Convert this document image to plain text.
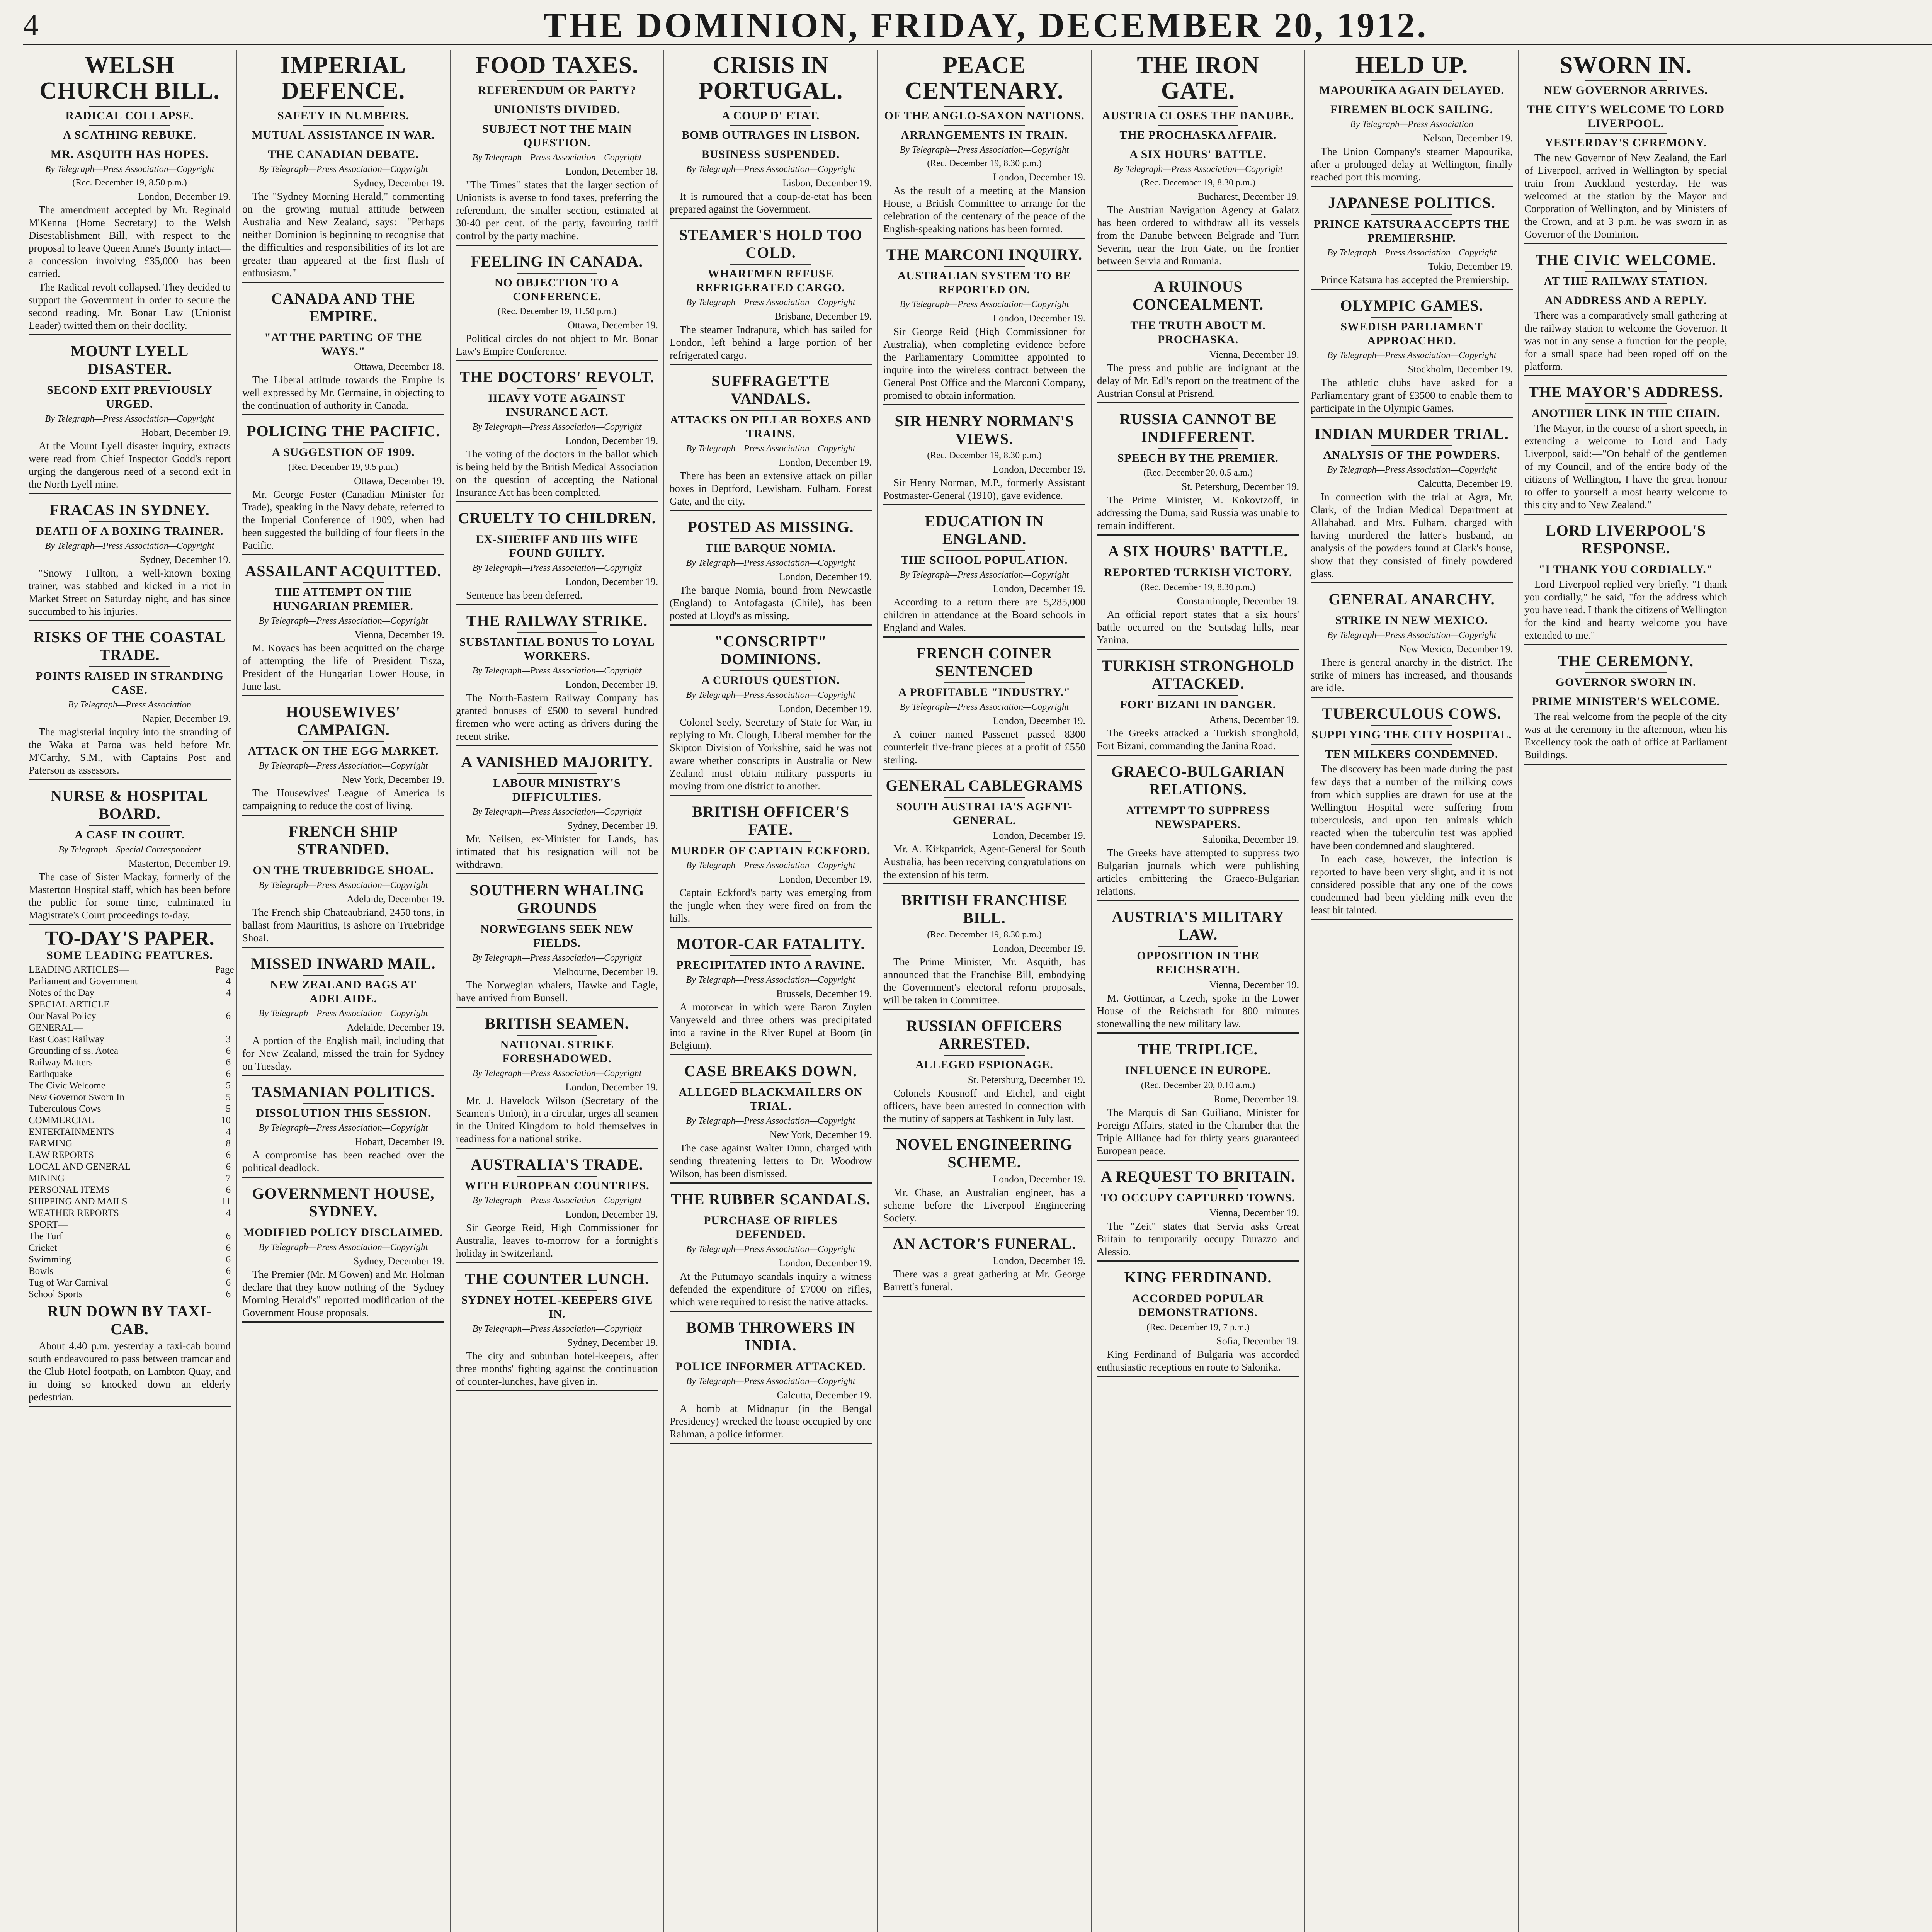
4	THE DOMINION, FRIDAY, DECEMBER 20, 1912.
WELSH CHURCH BILL.
RADICAL COLLAPSE.
A SCATHING REBUKE.
MR. ASQUITH HAS HOPES.
By Telegraph—Press Association—Copyright
(Rec. December 19, 8.50 p.m.)
London, December 19.

The amendment accepted by Mr. Reginald M'Kenna (Home Secretary) to the Welsh Disestablishment Bill, with respect to the proposal to leave Queen Anne's Bounty intact—a concession involving £35,000—has been carried.

The Radical revolt collapsed. They decided to support the Government in order to secure the second reading. Mr. Bonar Law (Unionist Leader) twitted them on their docility.

MOUNT LYELL DISASTER.
SECOND EXIT PREVIOUSLY URGED.
By Telegraph—Press Association—Copyright
Hobart, December 19.

At the Mount Lyell disaster inquiry, extracts were read from Chief Inspector Godd's report urging the dangerous need of a second exit in the North Lyell mine.

FRACAS IN SYDNEY.
DEATH OF A BOXING TRAINER.
By Telegraph—Press Association—Copyright
Sydney, December 19.

"Snowy" Fullton, a well-known boxing trainer, was stabbed and kicked in a riot in Market Street on Saturday night, and has since succumbed to his injuries.

RISKS OF THE COASTAL TRADE.
POINTS RAISED IN STRANDING CASE.
By Telegraph—Press Association
Napier, December 19.

The magisterial inquiry into the stranding of the Waka at Paroa was held before Mr. M'Carthy, S.M., with Captains Post and Paterson as assessors.

NURSE & HOSPITAL BOARD.
A CASE IN COURT.
By Telegraph—Special Correspondent
Masterton, December 19.

The case of Sister Mackay, formerly of the Masterton Hospital staff, which has been before the public for some time, culminated in Magistrate's Court proceedings to-day.

TO-DAY'S PAPER.
SOME LEADING FEATURES.
LEADING ARTICLES—	Page
Parliament and Government	4
Notes of the Day	4
SPECIAL ARTICLE—
Our Naval Policy	6
GENERAL—
East Coast Railway	3
Grounding of ss. Aotea	6
Railway Matters	6
Earthquake	6
The Civic Welcome	5
New Governor Sworn In	5
Tuberculous Cows	5
COMMERCIAL	10
ENTERTAINMENTS	4
FARMING	8
LAW REPORTS	6
LOCAL AND GENERAL	6
MINING	7
PERSONAL ITEMS	6
SHIPPING AND MAILS	11
WEATHER REPORTS	4
SPORT—
The Turf	6
Cricket	6
Swimming	6
Bowls	6
Tug of War Carnival	6
School Sports	6
RUN DOWN BY TAXI-CAB.

About 4.40 p.m. yesterday a taxi-cab bound south endeavoured to pass between tramcar and the Club Hotel footpath, on Lambton Quay, and in doing so knocked down an elderly pedestrian.

IMPERIAL DEFENCE.
SAFETY IN NUMBERS.
MUTUAL ASSISTANCE IN WAR.
THE CANADIAN DEBATE.
By Telegraph—Press Association—Copyright
Sydney, December 19.

The "Sydney Morning Herald," commenting on the growing mutual attitude between Australia and New Zealand, says:—"Perhaps neither Dominion is beginning to recognise that the difficulties and responsibilities of its lot are greater than appeared at the first flush of enthusiasm."

CANADA AND THE EMPIRE.
"AT THE PARTING OF THE WAYS."
Ottawa, December 18.

The Liberal attitude towards the Empire is well expressed by Mr. Germaine, in objecting to the continuation of authority in Canada.

POLICING THE PACIFIC.
A SUGGESTION OF 1909.
(Rec. December 19, 9.5 p.m.)
Ottawa, December 19.

Mr. George Foster (Canadian Minister for Trade), speaking in the Navy debate, referred to the Imperial Conference of 1909, when had been suggested the building of four fleets in the Pacific.

ASSAILANT ACQUITTED.
THE ATTEMPT ON THE HUNGARIAN PREMIER.
By Telegraph—Press Association—Copyright
Vienna, December 19.

M. Kovacs has been acquitted on the charge of attempting the life of President Tisza, President of the Hungarian Lower House, in June last.

HOUSEWIVES' CAMPAIGN.
ATTACK ON THE EGG MARKET.
By Telegraph—Press Association—Copyright
New York, December 19.

The Housewives' League of America is campaigning to reduce the cost of living.

FRENCH SHIP STRANDED.
ON THE TRUEBRIDGE SHOAL.
By Telegraph—Press Association—Copyright
Adelaide, December 19.

The French ship Chateaubriand, 2450 tons, in ballast from Mauritius, is ashore on Truebridge Shoal.

MISSED INWARD MAIL.
NEW ZEALAND BAGS AT ADELAIDE.
By Telegraph—Press Association—Copyright
Adelaide, December 19.

A portion of the English mail, including that for New Zealand, missed the train for Sydney on Tuesday.

TASMANIAN POLITICS.
DISSOLUTION THIS SESSION.
By Telegraph—Press Association—Copyright
Hobart, December 19.

A compromise has been reached over the political deadlock.

GOVERNMENT HOUSE, SYDNEY.
MODIFIED POLICY DISCLAIMED.
By Telegraph—Press Association—Copyright
Sydney, December 19.

The Premier (Mr. M'Gowen) and Mr. Holman declare that they know nothing of the "Sydney Morning Herald's" reported modification of the Government House proposals.

FOOD TAXES.
REFERENDUM OR PARTY?
UNIONISTS DIVIDED.
SUBJECT NOT THE MAIN QUESTION.
By Telegraph—Press Association—Copyright
London, December 18.

"The Times" states that the larger section of Unionists is averse to food taxes, preferring the referendum, the smaller section, estimated at 30-40 per cent. of the party, favouring tariff control by the party machine.

FEELING IN CANADA.
NO OBJECTION TO A CONFERENCE.
(Rec. December 19, 11.50 p.m.)
Ottawa, December 19.

Political circles do not object to Mr. Bonar Law's Empire Conference.

THE DOCTORS' REVOLT.
HEAVY VOTE AGAINST INSURANCE ACT.
By Telegraph—Press Association—Copyright
London, December 19.

The voting of the doctors in the ballot which is being held by the British Medical Association on the question of accepting the National Insurance Act has been completed.

CRUELTY TO CHILDREN.
EX-SHERIFF AND HIS WIFE FOUND GUILTY.
By Telegraph—Press Association—Copyright
London, December 19.

Sentence has been deferred.

THE RAILWAY STRIKE.
SUBSTANTIAL BONUS TO LOYAL WORKERS.
By Telegraph—Press Association—Copyright
London, December 19.

The North-Eastern Railway Company has granted bonuses of £500 to several hundred firemen who were acting as drivers during the recent strike.

A VANISHED MAJORITY.
LABOUR MINISTRY'S DIFFICULTIES.
By Telegraph—Press Association—Copyright
Sydney, December 19.

Mr. Neilsen, ex-Minister for Lands, has intimated that his resignation will not be withdrawn.

SOUTHERN WHALING GROUNDS
NORWEGIANS SEEK NEW FIELDS.
By Telegraph—Press Association—Copyright
Melbourne, December 19.

The Norwegian whalers, Hawke and Eagle, have arrived from Bunsell.

BRITISH SEAMEN.
NATIONAL STRIKE FORESHADOWED.
By Telegraph—Press Association—Copyright
London, December 19.

Mr. J. Havelock Wilson (Secretary of the Seamen's Union), in a circular, urges all seamen in the United Kingdom to hold themselves in readiness for a national strike.

AUSTRALIA'S TRADE.
WITH EUROPEAN COUNTRIES.
By Telegraph—Press Association—Copyright
London, December 19.

Sir George Reid, High Commissioner for Australia, leaves to-morrow for a fortnight's holiday in Switzerland.

THE COUNTER LUNCH.
SYDNEY HOTEL-KEEPERS GIVE IN.
By Telegraph—Press Association—Copyright
Sydney, December 19.

The city and suburban hotel-keepers, after three months' fighting against the continuation of counter-lunches, have given in.

CRISIS IN PORTUGAL.
A COUP D' ETAT.
BOMB OUTRAGES IN LISBON.
BUSINESS SUSPENDED.
By Telegraph—Press Association—Copyright
Lisbon, December 19.

It is rumoured that a coup-de-etat has been prepared against the Government.

STEAMER'S HOLD TOO COLD.
WHARFMEN REFUSE REFRIGERATED CARGO.
By Telegraph—Press Association—Copyright
Brisbane, December 19.

The steamer Indrapura, which has sailed for London, left behind a large portion of her refrigerated cargo.

SUFFRAGETTE VANDALS.
ATTACKS ON PILLAR BOXES AND TRAINS.
By Telegraph—Press Association—Copyright
London, December 19.

There has been an extensive attack on pillar boxes in Deptford, Lewisham, Fulham, Forest Gate, and the city.

POSTED AS MISSING.
THE BARQUE NOMIA.
By Telegraph—Press Association—Copyright
London, December 19.

The barque Nomia, bound from Newcastle (England) to Antofagasta (Chile), has been posted at Lloyd's as missing.

"CONSCRIPT" DOMINIONS.
A CURIOUS QUESTION.
By Telegraph—Press Association—Copyright
London, December 19.

Colonel Seely, Secretary of State for War, in replying to Mr. Clough, Liberal member for the Skipton Division of Yorkshire, said he was not aware whether conscripts in Australia or New Zealand must obtain military passports in moving from one district to another.

BRITISH OFFICER'S FATE.
MURDER OF CAPTAIN ECKFORD.
By Telegraph—Press Association—Copyright
London, December 19.

Captain Eckford's party was emerging from the jungle when they were fired on from the hills.

MOTOR-CAR FATALITY.
PRECIPITATED INTO A RAVINE.
By Telegraph—Press Association—Copyright
Brussels, December 19.

A motor-car in which were Baron Zuylen Vanyeweld and three others was precipitated into a ravine in the River Rupel at Boom (in Belgium).

CASE BREAKS DOWN.
ALLEGED BLACKMAILERS ON TRIAL.
By Telegraph—Press Association—Copyright
New York, December 19.

The case against Walter Dunn, charged with sending threatening letters to Dr. Woodrow Wilson, has been dismissed.

THE RUBBER SCANDALS.
PURCHASE OF RIFLES DEFENDED.
By Telegraph—Press Association—Copyright
London, December 19.

At the Putumayo scandals inquiry a witness defended the expenditure of £7000 on rifles, which were required to resist the native attacks.

BOMB THROWERS IN INDIA.
POLICE INFORMER ATTACKED.
By Telegraph—Press Association—Copyright
Calcutta, December 19.

A bomb at Midnapur (in the Bengal Presidency) wrecked the house occupied by one Rahman, a police informer.

PEACE CENTENARY.
OF THE ANGLO-SAXON NATIONS.
ARRANGEMENTS IN TRAIN.
By Telegraph—Press Association—Copyright
(Rec. December 19, 8.30 p.m.)
London, December 19.

As the result of a meeting at the Mansion House, a British Committee to arrange for the celebration of the centenary of the peace of the English-speaking nations has been formed.

THE MARCONI INQUIRY.
AUSTRALIAN SYSTEM TO BE REPORTED ON.
By Telegraph—Press Association—Copyright
London, December 19.

Sir George Reid (High Commissioner for Australia), when completing evidence before the Parliamentary Committee appointed to inquire into the wireless contract between the General Post Office and the Marconi Company, promised to obtain information.

SIR HENRY NORMAN'S VIEWS.
(Rec. December 19, 8.30 p.m.)
London, December 19.

Sir Henry Norman, M.P., formerly Assistant Postmaster-General (1910), gave evidence.

EDUCATION IN ENGLAND.
THE SCHOOL POPULATION.
By Telegraph—Press Association—Copyright
London, December 19.

According to a return there are 5,285,000 children in attendance at the Board schools in England and Wales.

FRENCH COINER SENTENCED
A PROFITABLE "INDUSTRY."
By Telegraph—Press Association—Copyright
London, December 19.

A coiner named Passenet passed 8300 counterfeit five-franc pieces at a profit of £550 sterling.

GENERAL CABLEGRAMS
SOUTH AUSTRALIA'S AGENT-GENERAL.
London, December 19.

Mr. A. Kirkpatrick, Agent-General for South Australia, has been receiving congratulations on the extension of his term.

BRITISH FRANCHISE BILL.
(Rec. December 19, 8.30 p.m.)
London, December 19.

The Prime Minister, Mr. Asquith, has announced that the Franchise Bill, embodying the Government's electoral reform proposals, will be taken in Committee.

RUSSIAN OFFICERS ARRESTED.
ALLEGED ESPIONAGE.
St. Petersburg, December 19.

Colonels Kousnoff and Eichel, and eight officers, have been arrested in connection with the mutiny of sappers at Tashkent in July last.

NOVEL ENGINEERING SCHEME.
London, December 19.

Mr. Chase, an Australian engineer, has a scheme before the Liverpool Engineering Society.

AN ACTOR'S FUNERAL.
London, December 19.

There was a great gathering at Mr. George Barrett's funeral.

THE IRON GATE.
AUSTRIA CLOSES THE DANUBE.
THE PROCHASKA AFFAIR.
A SIX HOURS' BATTLE.
By Telegraph—Press Association—Copyright
(Rec. December 19, 8.30 p.m.)
Bucharest, December 19.

The Austrian Navigation Agency at Galatz has been ordered to withdraw all its vessels from the Danube between Belgrade and Turn Severin, near the Iron Gate, on the frontier between Servia and Rumania.

A RUINOUS CONCEALMENT.
THE TRUTH ABOUT M. PROCHASKA.
Vienna, December 19.

The press and public are indignant at the delay of Mr. Edl's report on the treatment of the Austrian Consul at Prisrend.

RUSSIA CANNOT BE INDIFFERENT.
SPEECH BY THE PREMIER.
(Rec. December 20, 0.5 a.m.)
St. Petersburg, December 19.

The Prime Minister, M. Kokovtzoff, in addressing the Duma, said Russia was unable to remain indifferent.

A SIX HOURS' BATTLE.
REPORTED TURKISH VICTORY.
(Rec. December 19, 8.30 p.m.)
Constantinople, December 19.

An official report states that a six hours' battle occurred on the Scutsdag hills, near Yanina.

TURKISH STRONGHOLD ATTACKED.
FORT BIZANI IN DANGER.
Athens, December 19.

The Greeks attacked a Turkish stronghold, Fort Bizani, commanding the Janina Road.

GRAECO-BULGARIAN RELATIONS.
ATTEMPT TO SUPPRESS NEWSPAPERS.
Salonika, December 19.

The Greeks have attempted to suppress two Bulgarian journals which were publishing articles embittering the Graeco-Bulgarian relations.

AUSTRIA'S MILITARY LAW.
OPPOSITION IN THE REICHSRATH.
Vienna, December 19.

M. Gottincar, a Czech, spoke in the Lower House of the Reichsrath for 800 minutes stonewalling the new military law.

THE TRIPLICE.
INFLUENCE IN EUROPE.
(Rec. December 20, 0.10 a.m.)
Rome, December 19.

The Marquis di San Guiliano, Minister for Foreign Affairs, stated in the Chamber that the Triple Alliance had for thirty years guaranteed European peace.

A REQUEST TO BRITAIN.
TO OCCUPY CAPTURED TOWNS.
Vienna, December 19.

The "Zeit" states that Servia asks Great Britain to temporarily occupy Durazzo and Alessio.

KING FERDINAND.
ACCORDED POPULAR DEMONSTRATIONS.
(Rec. December 19, 7 p.m.)
Sofia, December 19.

King Ferdinand of Bulgaria was accorded enthusiastic receptions en route to Salonika.

HELD UP.
MAPOURIKA AGAIN DELAYED.
FIREMEN BLOCK SAILING.
By Telegraph—Press Association
Nelson, December 19.

The Union Company's steamer Mapourika, after a prolonged delay at Wellington, finally reached port this morning.

JAPANESE POLITICS.
PRINCE KATSURA ACCEPTS THE PREMIERSHIP.
By Telegraph—Press Association—Copyright
Tokio, December 19.

Prince Katsura has accepted the Premiership.

OLYMPIC GAMES.
SWEDISH PARLIAMENT APPROACHED.
By Telegraph—Press Association—Copyright
Stockholm, December 19.

The athletic clubs have asked for a Parliamentary grant of £3500 to enable them to participate in the Olympic Games.

INDIAN MURDER TRIAL.
ANALYSIS OF THE POWDERS.
By Telegraph—Press Association—Copyright
Calcutta, December 19.

In connection with the trial at Agra, Mr. Clark, of the Indian Medical Department at Allahabad, and Mrs. Fulham, charged with having murdered the latter's husband, an analysis of the powders found at Clark's house, show that they consisted of finely powdered glass.

GENERAL ANARCHY.
STRIKE IN NEW MEXICO.
By Telegraph—Press Association—Copyright
New Mexico, December 19.

There is general anarchy in the district. The strike of miners has increased, and thousands are idle.

TUBERCULOUS COWS.
SUPPLYING THE CITY HOSPITAL.
TEN MILKERS CONDEMNED.

The discovery has been made during the past few days that a number of the milking cows from which supplies are drawn for use at the Wellington Hospital were suffering from tuberculosis, and upon ten animals which reacted when the tuberculin test was applied have been condemned and slaughtered.

In each case, however, the infection is reported to have been very slight, and it is not considered possible that any one of the cows condemned had been yielding milk even the least bit tainted.

SWORN IN.
NEW GOVERNOR ARRIVES.
THE CITY'S WELCOME TO LORD LIVERPOOL.
YESTERDAY'S CEREMONY.

The new Governor of New Zealand, the Earl of Liverpool, arrived in Wellington by special train from Auckland yesterday. He was welcomed at the station by the Mayor and Corporation of Wellington, and by Ministers of the Crown, and at 3 p.m. he was sworn in as Governor of the Dominion.

THE CIVIC WELCOME.
AT THE RAILWAY STATION.
AN ADDRESS AND A REPLY.

There was a comparatively small gathering at the railway station to welcome the Governor. It was not in any sense a function for the people, for a small space had been roped off on the platform.

THE MAYOR'S ADDRESS.
ANOTHER LINK IN THE CHAIN.

The Mayor, in the course of a short speech, in extending a welcome to Lord and Lady Liverpool, said:—"On behalf of the gentlemen of my Council, and of the entire body of the citizens of Wellington, I have the great honour to offer to yourself a most hearty welcome to this city and to New Zealand."

LORD LIVERPOOL'S RESPONSE.
"I THANK YOU CORDIALLY."

Lord Liverpool replied very briefly. "I thank you cordially," he said, "for the address which you have read. I thank the citizens of Wellington for the kind and hearty welcome you have extended to me."

THE CEREMONY.
GOVERNOR SWORN IN.
PRIME MINISTER'S WELCOME.

The real welcome from the people of the city was at the ceremony in the afternoon, when his Excellency took the oath of office at Parliament Buildings.
